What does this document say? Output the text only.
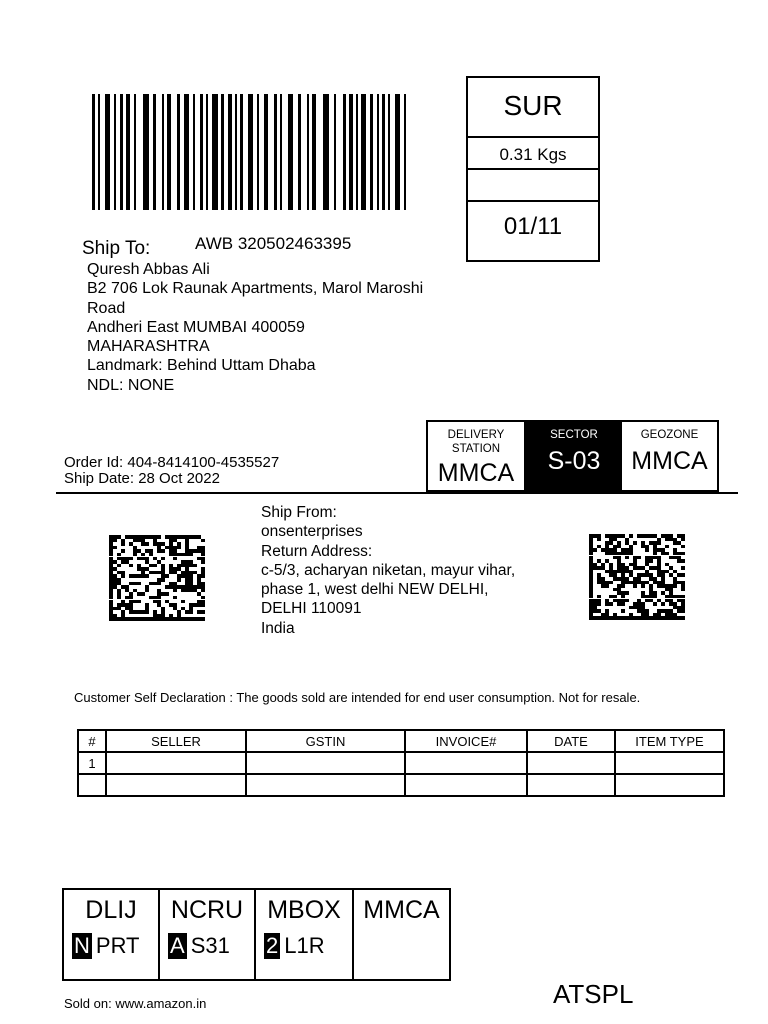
SUR
0.31 Kgs
01/11
Ship To:	AWB 320502463395
Quresh Abbas Ali
B2 706 Lok Raunak Apartments, Marol Maroshi
Road
Andheri East MUMBAI 400059
MAHARASHTRA
Landmark: Behind Uttam Dhaba
NDL: NONE
Order Id: 404-8414100-4535527
Ship Date: 28 Oct 2022
DELIVERY
STATION
MMCA
SECTOR
S-03
GEOZONE
MMCA
Ship From:
onsenterprises
Return Address:
c-5/3, acharyan niketan, mayur vihar,
phase 1, west delhi NEW DELHI,
DELHI 110091
India
Customer Self Declaration : The goods sold are intended for end user consumption. Not for resale.
#	SELLER	GSTIN	INVOICE#	DATE	ITEM TYPE
1					

DLIJ
N PRT
NCRU
A S31
MBOX
2 L1R
MMCA
Sold on: www.amazon.in	ATSPL
